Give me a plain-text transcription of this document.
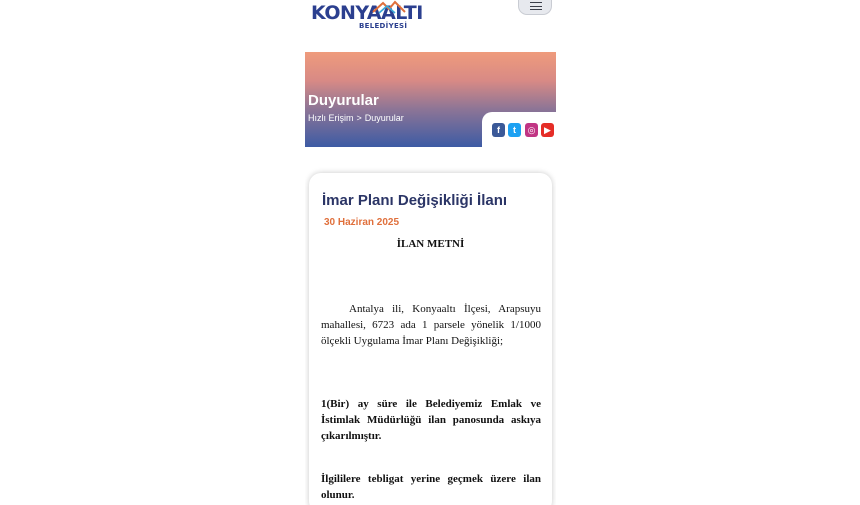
KONYAALTI
BELEDİYESİ
Duyurular
Hızlı Erişim > Duyurular
f	t	◎ ▶
İmar Planı Değişikliği İlanı
30 Haziran 2025
İLAN METNİ
Antalya ili, Konyaaltı İlçesi, Arapsuyu mahallesi, 6723 ada 1 parsele yönelik 1/1000 ölçekli Uygulama İmar Planı Değişikliği;
1(Bir) ay süre ile Belediyemiz Emlak ve İstimlak Müdürlüğü ilan panosunda askıya çıkarılmıştır.
İlgililere tebligat yerine geçmek üzere ilan olunur.
